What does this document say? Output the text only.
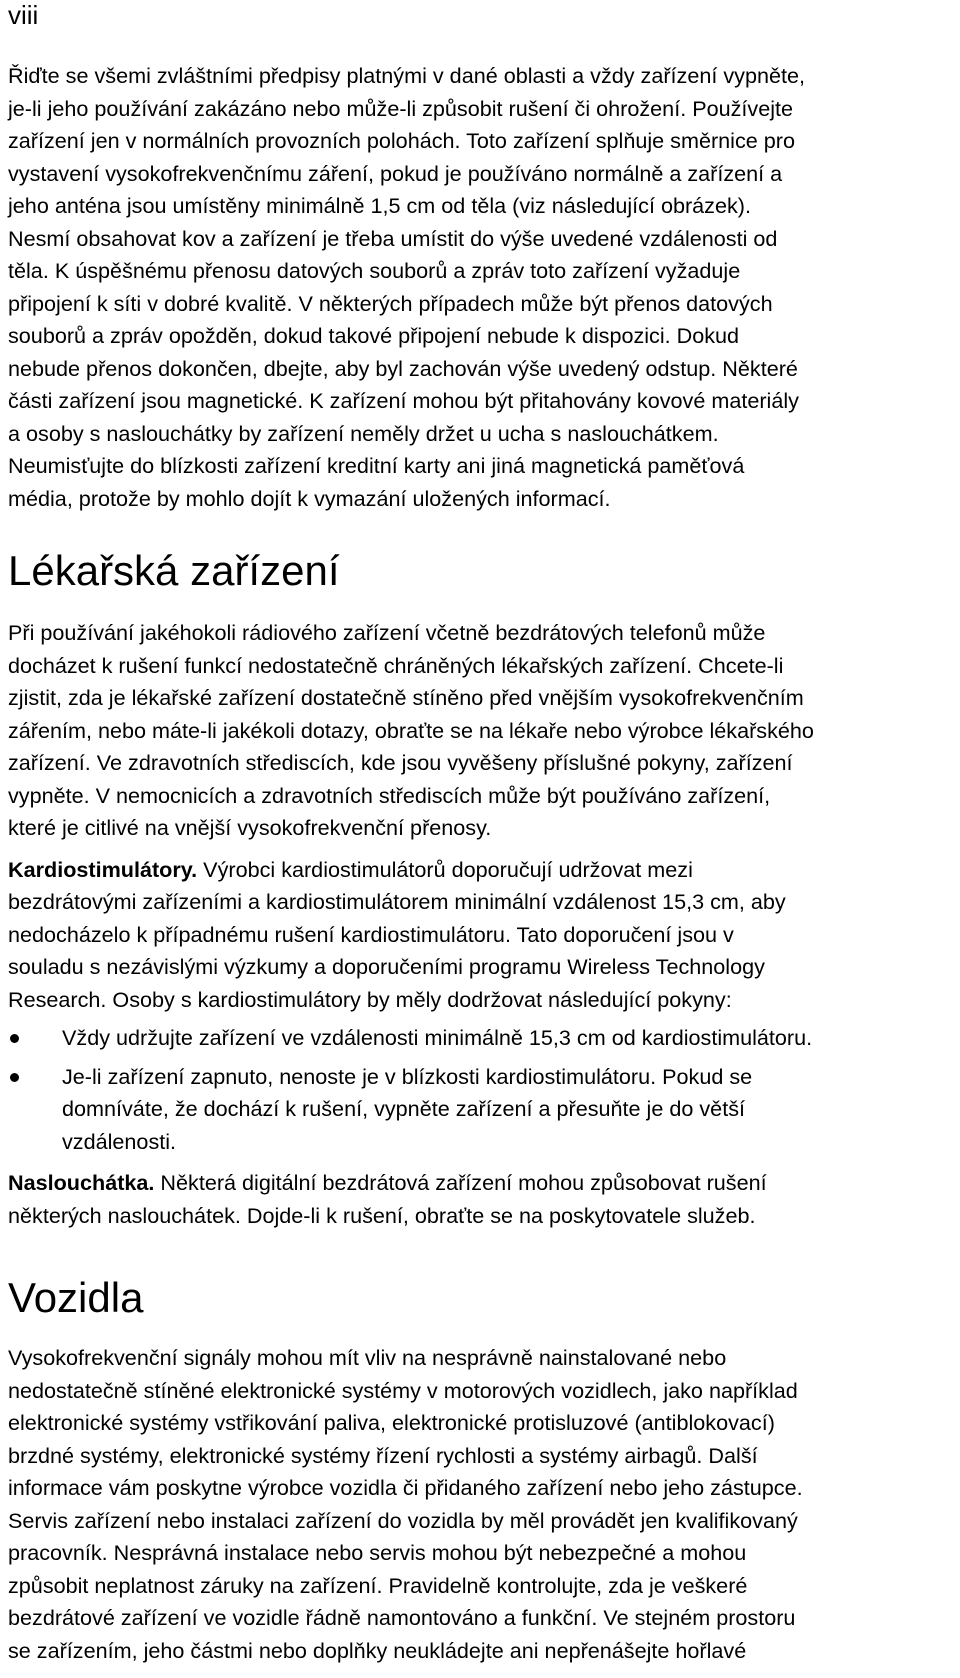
viii

Řiďte se všemi zvláštními předpisy platnými v dané oblasti a vždy zařízení vypněte,
je-li jeho používání zakázáno nebo může-li způsobit rušení či ohrožení. Používejte
zařízení jen v normálních provozních polohách. Toto zařízení splňuje směrnice pro
vystavení vysokofrekvenčnímu záření, pokud je používáno normálně a zařízení a
jeho anténa jsou umístěny minimálně 1,5 cm od těla (viz následující obrázek).
Nesmí obsahovat kov a zařízení je třeba umístit do výše uvedené vzdálenosti od
těla. K úspěšnému přenosu datových souborů a zpráv toto zařízení vyžaduje
připojení k síti v dobré kvalitě. V některých případech může být přenos datových
souborů a zpráv opožděn, dokud takové připojení nebude k dispozici. Dokud
nebude přenos dokončen, dbejte, aby byl zachován výše uvedený odstup. Některé
části zařízení jsou magnetické. K zařízení mohou být přitahovány kovové materiály
a osoby s naslouchátky by zařízení neměly držet u ucha s naslouchátkem.
Neumisťujte do blízkosti zařízení kreditní karty ani jiná magnetická paměťová
média, protože by mohlo dojít k vymazání uložených informací.

Lékařská zařízení

Při používání jakéhokoli rádiového zařízení včetně bezdrátových telefonů může
docházet k rušení funkcí nedostatečně chráněných lékařských zařízení. Chcete-li
zjistit, zda je lékařské zařízení dostatečně stíněno před vnějším vysokofrekvenčním
zářením, nebo máte-li jakékoli dotazy, obraťte se na lékaře nebo výrobce lékařského
zařízení. Ve zdravotních střediscích, kde jsou vyvěšeny příslušné pokyny, zařízení
vypněte. V nemocnicích a zdravotních střediscích může být používáno zařízení,
které je citlivé na vnější vysokofrekvenční přenosy.

Kardiostimulátory. Výrobci kardiostimulátorů doporučují udržovat mezi
bezdrátovými zařízeními a kardiostimulátorem minimální vzdálenost 15,3 cm, aby
nedocházelo k případnému rušení kardiostimulátoru. Tato doporučení jsou v
souladu s nezávislými výzkumy a doporučeními programu Wireless Technology
Research. Osoby s kardiostimulátory by měly dodržovat následující pokyny:

Vždy udržujte zařízení ve vzdálenosti minimálně 15,3 cm od kardiostimulátoru.
Je-li zařízení zapnuto, nenoste je v blízkosti kardiostimulátoru. Pokud se
domníváte, že dochází k rušení, vypněte zařízení a přesuňte je do větší
vzdálenosti.

Naslouchátka. Některá digitální bezdrátová zařízení mohou způsobovat rušení
některých naslouchátek. Dojde-li k rušení, obraťte se na poskytovatele služeb.

Vozidla

Vysokofrekvenční signály mohou mít vliv na nesprávně nainstalované nebo
nedostatečně stíněné elektronické systémy v motorových vozidlech, jako například
elektronické systémy vstřikování paliva, elektronické protisluzové (antiblokovací)
brzdné systémy, elektronické systémy řízení rychlosti a systémy airbagů. Další
informace vám poskytne výrobce vozidla či přidaného zařízení nebo jeho zástupce.
Servis zařízení nebo instalaci zařízení do vozidla by měl provádět jen kvalifikovaný
pracovník. Nesprávná instalace nebo servis mohou být nebezpečné a mohou
způsobit neplatnost záruky na zařízení. Pravidelně kontrolujte, zda je veškeré
bezdrátové zařízení ve vozidle řádně namontováno a funkční. Ve stejném prostoru
se zařízením, jeho částmi nebo doplňky neukládejte ani nepřenášejte hořlavé
